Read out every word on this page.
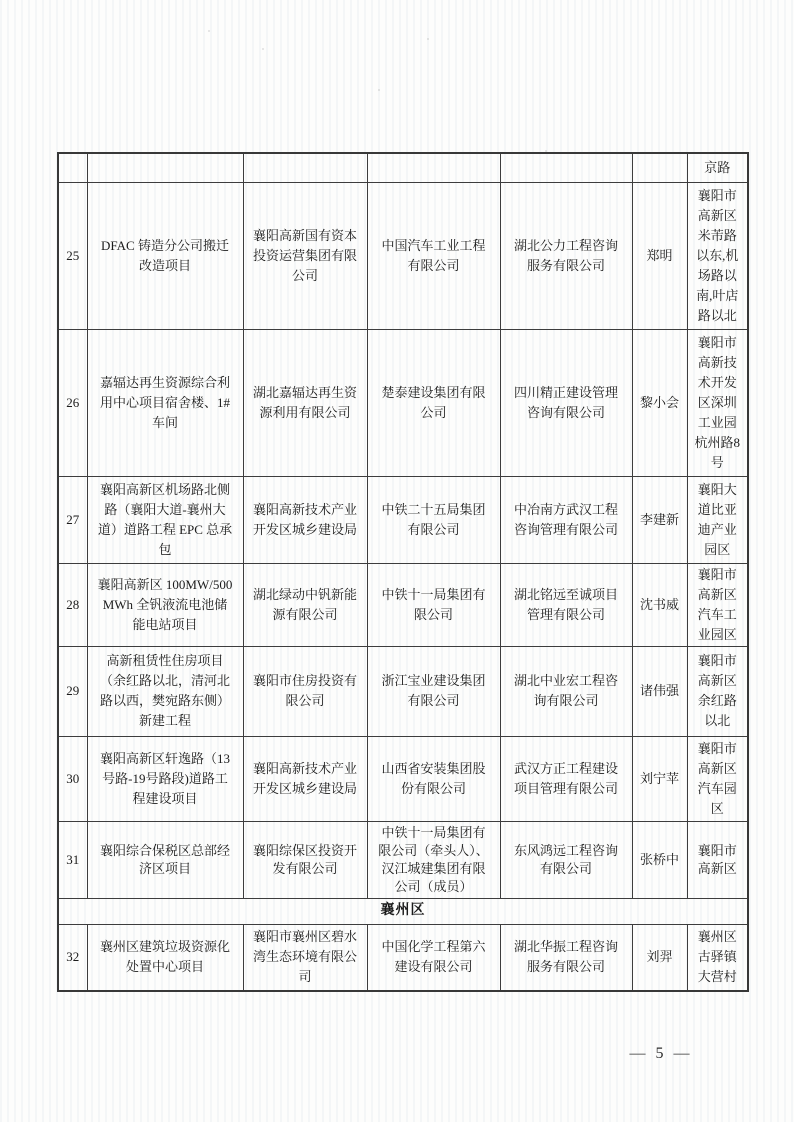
						京路
25	DFAC 铸造分公司搬迁改造项目	襄阳高新国有资本投资运营集团有限公司	中国汽车工业工程有限公司	湖北公力工程咨询服务有限公司	郑明	襄阳市高新区米芾路以东,机场路以南,叶店路以北
26	嘉辐达再生资源综合利用中心项目宿舍楼、1#车间	湖北嘉辐达再生资源利用有限公司	楚泰建设集团有限公司	四川精正建设管理咨询有限公司	黎小会	襄阳市高新技术开发区深圳工业园杭州路8号
27	襄阳高新区机场路北侧路（襄阳大道-襄州大道）道路工程 EPC 总承包	襄阳高新技术产业开发区城乡建设局	中铁二十五局集团有限公司	中冶南方武汉工程咨询管理有限公司	李建新	襄阳大道比亚迪产业园区
28	襄阳高新区 100MW/500MWh 全钒液流电池储能电站项目	湖北绿动中钒新能源有限公司	中铁十一局集团有限公司	湖北铭远至诚项目管理有限公司	沈书威	襄阳市高新区汽车工业园区
29	高新租赁性住房项目（余红路以北，清河北路以西，樊宛路东侧）新建工程	襄阳市住房投资有限公司	浙江宝业建设集团有限公司	湖北中业宏工程咨询有限公司	诸伟强	襄阳市高新区余红路以北
30	襄阳高新区轩逸路（13号路-19号路段)道路工程建设项目	襄阳高新技术产业开发区城乡建设局	山西省安装集团股份有限公司	武汉方正工程建设项目管理有限公司	刘宁苹	襄阳市高新区汽车园区
31	襄阳综合保税区总部经济区项目	襄阳综保区投资开发有限公司	中铁十一局集团有限公司（牵头人）、汉江城建集团有限公司（成员）	东风鸿远工程咨询有限公司	张桥中	襄阳市高新区
襄州区						
32	襄州区建筑垃圾资源化处置中心项目	襄阳市襄州区碧水湾生态环境有限公司	中国化学工程第六建设有限公司	湖北华振工程咨询服务有限公司	刘羿	襄州区古驿镇大营村
— 5 —
